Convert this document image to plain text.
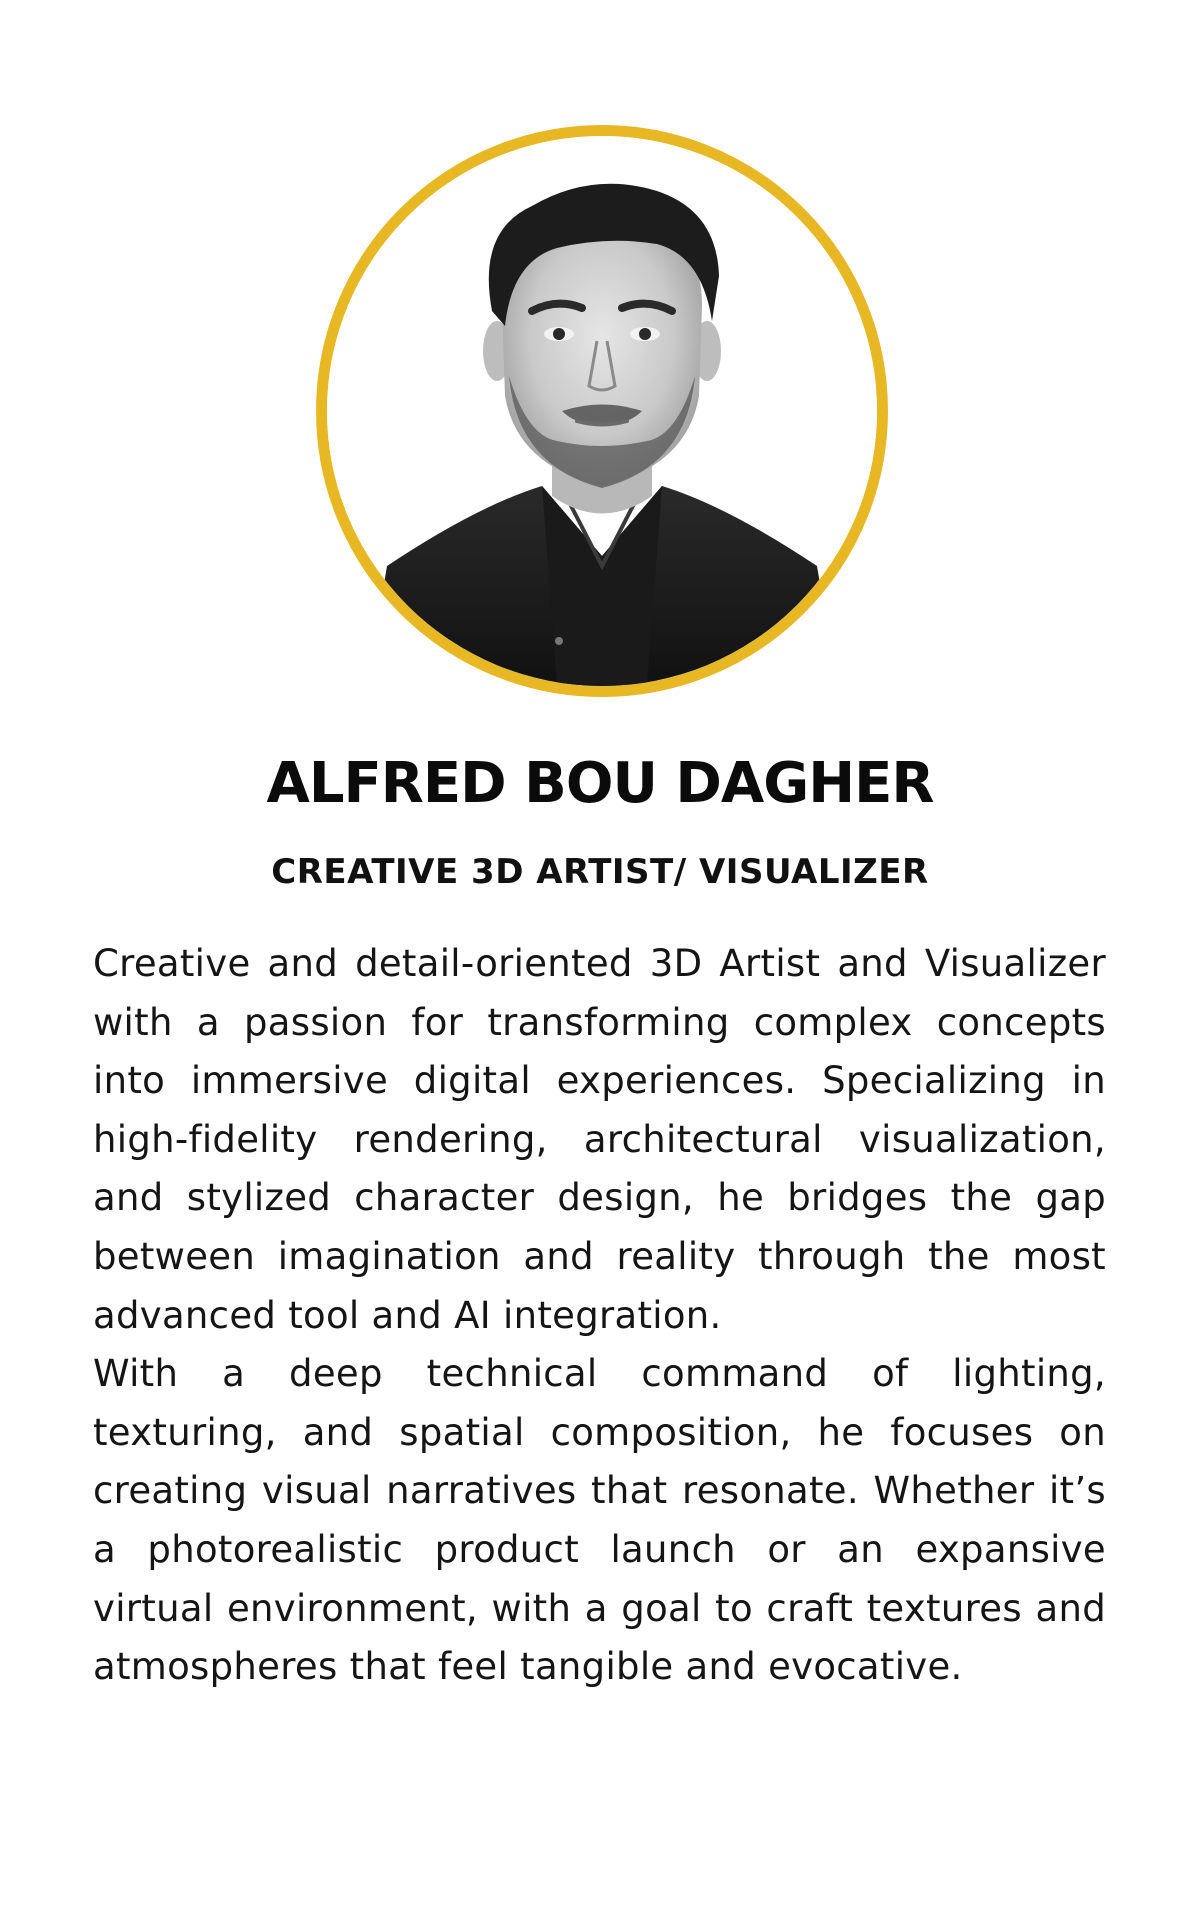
ALFRED BOU DAGHER
CREATIVE 3D ARTIST/ VISUALIZER

Creative and detail-oriented 3D Artist and Visualizer with a passion for transforming complex concepts into immersive digital experiences. Specializing in high-fidelity rendering, architectural visualization, and stylized character design, he bridges the gap between imagination and reality through the most advanced tool and AI integration.

With a deep technical command of lighting, texturing, and spatial composition, he focuses on creating visual narratives that resonate. Whether it’s a photorealistic product launch or an expansive virtual environment, with a goal to craft textures and atmospheres that feel tangible and evocative.
